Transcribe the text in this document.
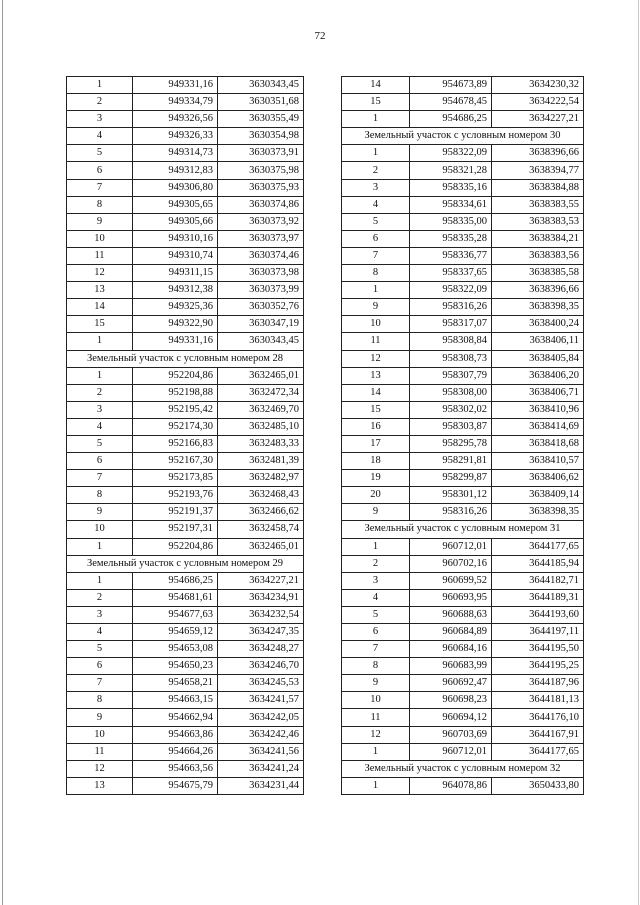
72
1	949331,16	3630343,45
2	949334,79	3630351,68
3	949326,56	3630355,49
4	949326,33	3630354,98
5	949314,73	3630373,91
6	949312,83	3630375,98
7	949306,80	3630375,93
8	949305,65	3630374,86
9	949305,66	3630373,92
10	949310,16	3630373,97
11	949310,74	3630374,46
12	949311,15	3630373,98
13	949312,38	3630373,99
14	949325,36	3630352,76
15	949322,90	3630347,19
1	949331,16	3630343,45
Земельный участок с условным номером 28		
1	952204,86	3632465,01
2	952198,88	3632472,34
3	952195,42	3632469,70
4	952174,30	3632485,10
5	952166,83	3632483,33
6	952167,30	3632481,39
7	952173,85	3632482,97
8	952193,76	3632468,43
9	952191,37	3632466,62
10	952197,31	3632458,74
1	952204,86	3632465,01
Земельный участок с условным номером 29		
1	954686,25	3634227,21
2	954681,61	3634234,91
3	954677,63	3634232,54
4	954659,12	3634247,35
5	954653,08	3634248,27
6	954650,23	3634246,70
7	954658,21	3634245,53
8	954663,15	3634241,57
9	954662,94	3634242,05
10	954663,86	3634242,46
11	954664,26	3634241,56
12	954663,56	3634241,24
13	954675,79	3634231,44
14	954673,89	3634230,32
15	954678,45	3634222,54
1	954686,25	3634227,21
Земельный участок с условным номером 30		
1	958322,09	3638396,66
2	958321,28	3638394,77
3	958335,16	3638384,88
4	958334,61	3638383,55
5	958335,00	3638383,53
6	958335,28	3638384,21
7	958336,77	3638383,56
8	958337,65	3638385,58
1	958322,09	3638396,66
9	958316,26	3638398,35
10	958317,07	3638400,24
11	958308,84	3638406,11
12	958308,73	3638405,84
13	958307,79	3638406,20
14	958308,00	3638406,71
15	958302,02	3638410,96
16	958303,87	3638414,69
17	958295,78	3638418,68
18	958291,81	3638410,57
19	958299,87	3638406,62
20	958301,12	3638409,14
9	958316,26	3638398,35
Земельный участок с условным номером 31		
1	960712,01	3644177,65
2	960702,16	3644185,94
3	960699,52	3644182,71
4	960693,95	3644189,31
5	960688,63	3644193,60
6	960684,89	3644197,11
7	960684,16	3644195,50
8	960683,99	3644195,25
9	960692,47	3644187,96
10	960698,23	3644181,13
11	960694,12	3644176,10
12	960703,69	3644167,91
1	960712,01	3644177,65
Земельный участок с условным номером 32		
1	964078,86	3650433,80
